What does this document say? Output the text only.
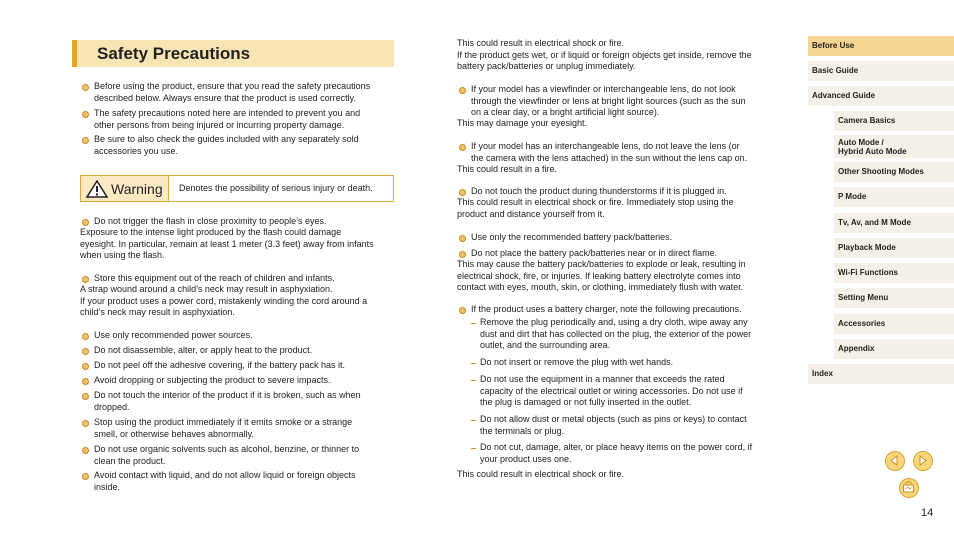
Safety Precautions
Before using the product, ensure that you read the safety precautions
described below. Always ensure that the product is used correctly.
The safety precautions noted here are intended to prevent you and
other persons from being injured or incurring property damage.
Be sure to also check the guides included with any separately sold
accessories you use.
Warning Denotes the possibility of serious injury or death.
Do not trigger the flash in close proximity to people’s eyes.
Exposure to the intense light produced by the flash could damage
eyesight. In particular, remain at least 1 meter (3.3 feet) away from infants
when using the flash.
Store this equipment out of the reach of children and infants.
A strap wound around a child’s neck may result in asphyxiation.
If your product uses a power cord, mistakenly winding the cord around a
child’s neck may result in asphyxiation.
Use only recommended power sources.
Do not disassemble, alter, or apply heat to the product.
Do not peel off the adhesive covering, if the battery pack has it.
Avoid dropping or subjecting the product to severe impacts.
Do not touch the interior of the product if it is broken, such as when
dropped.
Stop using the product immediately if it emits smoke or a strange
smell, or otherwise behaves abnormally.
Do not use organic solvents such as alcohol, benzine, or thinner to
clean the product.
Avoid contact with liquid, and do not allow liquid or foreign objects
inside.
This could result in electrical shock or fire.
If the product gets wet, or if liquid or foreign objects get inside, remove the
battery pack/batteries or unplug immediately.
If your model has a viewfinder or interchangeable lens, do not look
through the viewfinder or lens at bright light sources (such as the sun
on a clear day, or a bright artificial light source).
This may damage your eyesight.
If your model has an interchangeable lens, do not leave the lens (or
the camera with the lens attached) in the sun without the lens cap on.
This could result in a fire.
Do not touch the product during thunderstorms if it is plugged in.
This could result in electrical shock or fire. Immediately stop using the
product and distance yourself from it.
Use only the recommended battery pack/batteries.
Do not place the battery pack/batteries near or in direct flame.
This may cause the battery pack/batteries to explode or leak, resulting in
electrical shock, fire, or injuries. If leaking battery electrolyte comes into
contact with eyes, mouth, skin, or clothing, immediately flush with water.
If the product uses a battery charger, note the following precautions.
Remove the plug periodically and, using a dry cloth, wipe away any
dust and dirt that has collected on the plug, the exterior of the power
outlet, and the surrounding area.
Do not insert or remove the plug with wet hands.
Do not use the equipment in a manner that exceeds the rated
capacity of the electrical outlet or wiring accessories. Do not use if
the plug is damaged or not fully inserted in the outlet.
Do not allow dust or metal objects (such as pins or keys) to contact
the terminals or plug.
Do not cut, damage, alter, or place heavy items on the power cord, if
your product uses one.
This could result in electrical shock or fire.
Before Use
Basic Guide
Advanced Guide
Camera Basics
Auto Mode /
Hybrid Auto Mode
Other Shooting Modes
P Mode
Tv, Av, and M Mode
Playback Mode
Wi-Fi Functions
Setting Menu
Accessories
Appendix
Index
14
